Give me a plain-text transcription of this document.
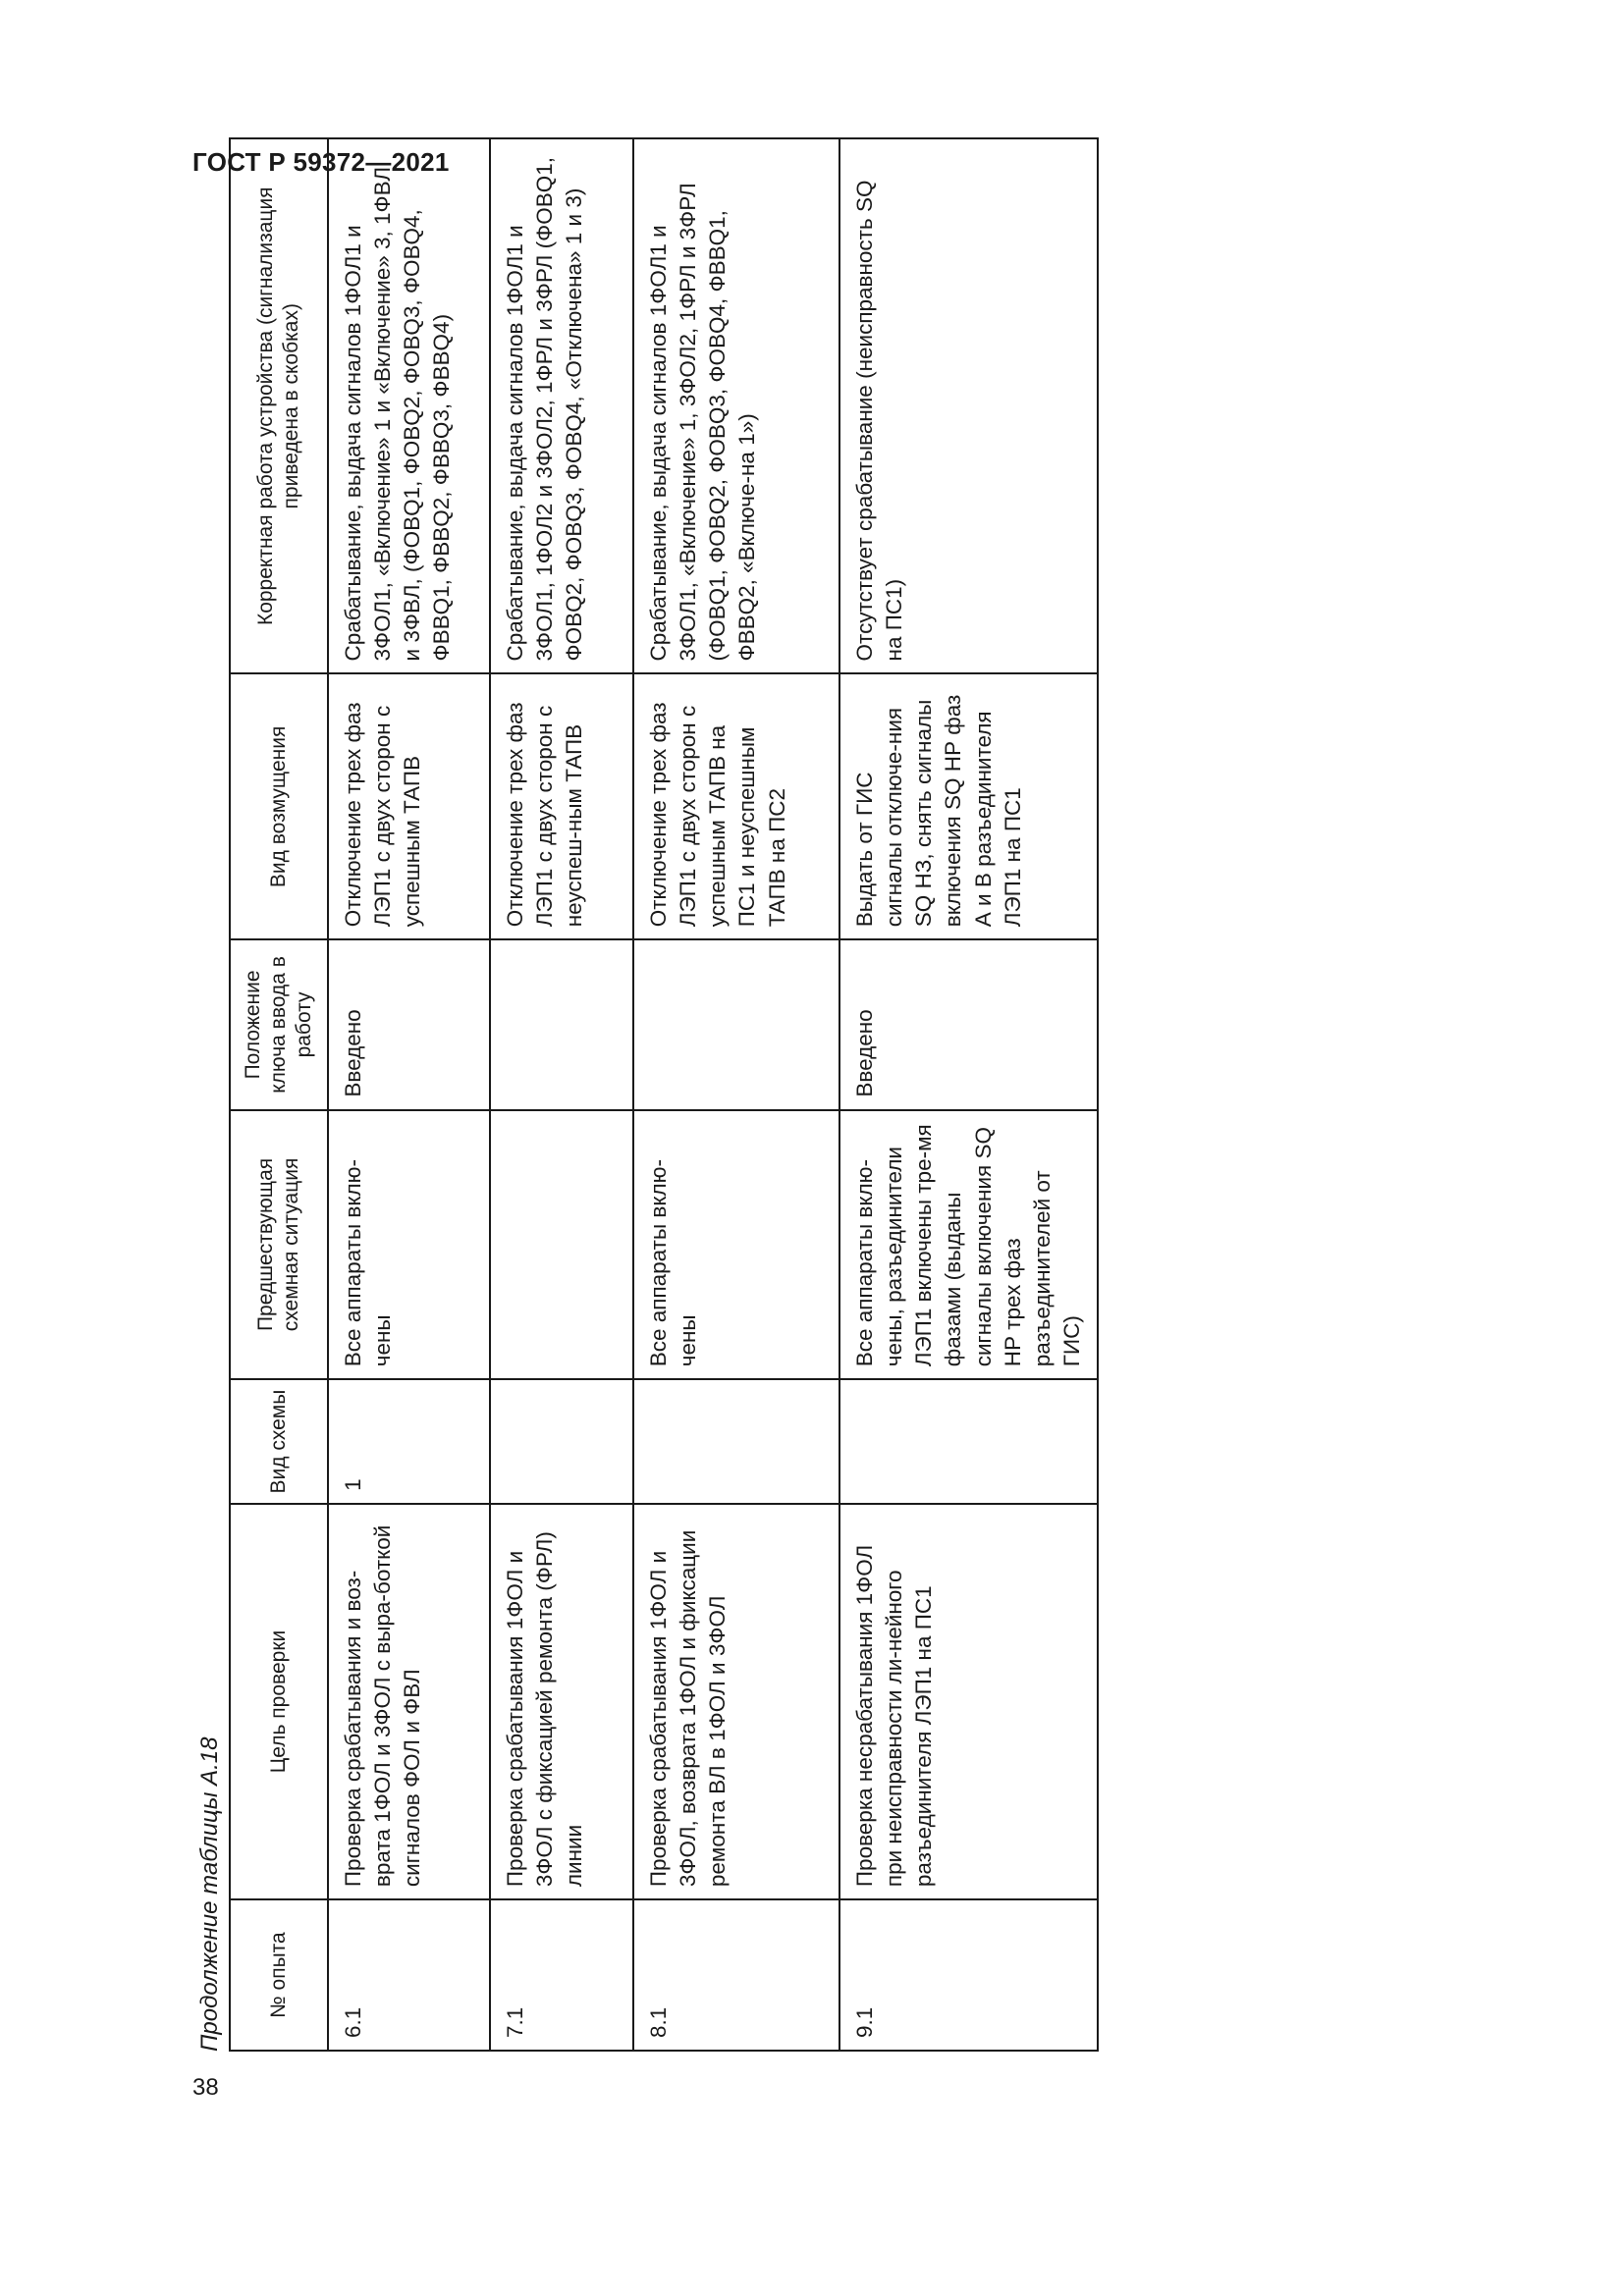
ГОСТ Р 59372—2021
Продолжение таблицы А.18 № опыта	Цель проверки	Вид схемы	Предшествующая схемная ситуация	Положение ключа ввода в работу	Вид возмущения	Корректная работа устройства (сигнализация приведена в скобках)
6.1	Проверка срабатывания и воз-врата 1ФОЛ и 3ФОЛ с выра-боткой сигналов ФОЛ и ФВЛ	1	Все аппараты вклю-чены	Введено	Отключение трех фаз ЛЭП1 с двух сторон с успешным ТАПВ	Срабатывание, выдача сигналов 1ФОЛ1 и 3ФОЛ1, «Включение» 1 и «Включение» 3, 1ФВЛ и 3ФВЛ, (ФОВQ1, ФОВQ2, ФОВQ3, ФОВQ4, ФВВQ1, ФВВQ2, ФВВQ3, ФВВQ4)
7.1	Проверка срабатывания 1ФОЛ и 3ФОЛ с фиксацией ремонта (ФРЛ) линии				Отключение трех фаз ЛЭП1 с двух сторон с неуспеш-ным ТАПВ	Срабатывание, выдача сигналов 1ФОЛ1 и 3ФОЛ1, 1ФОЛ2 и 3ФОЛ2, 1ФРЛ и 3ФРЛ (ФОВQ1, ФОВQ2, ФОВQ3, ФОВQ4, «Отключена» 1 и 3)
8.1	Проверка срабатывания 1ФОЛ и 3ФОЛ, возврата 1ФОЛ и фиксации ремонта ВЛ в 1ФОЛ и 3ФОЛ		Все аппараты вклю-чены		Отключение трех фаз ЛЭП1 с двух сторон с успешным ТАПВ на ПС1 и неуспешным ТАПВ на ПС2	Срабатывание, выдача сигналов 1ФОЛ1 и 3ФОЛ1, «Включение» 1, 3ФОЛ2, 1ФРЛ и 3ФРЛ (ФОВQ1, ФОВQ2, ФОВQ3, ФОВQ4, ФВВQ1, ФВВQ2, «Включе-на 1»)
9.1	Проверка несрабатывания 1ФОЛ при неисправности ли-нейного разъединителя ЛЭП1 на ПС1		Все аппараты вклю-чены, разъединители ЛЭП1 включены тре-мя фазами (выданы сигналы включения SQ НР трех фаз разъединителей от ГИС)	Введено	Выдать от ГИС сигналы отключе-ния SQ НЗ, снять сигналы включения SQ НР фаз А и В разъединителя ЛЭП1 на ПС1	Отсутствует срабатывание (неисправность SQ на ПС1)
38
